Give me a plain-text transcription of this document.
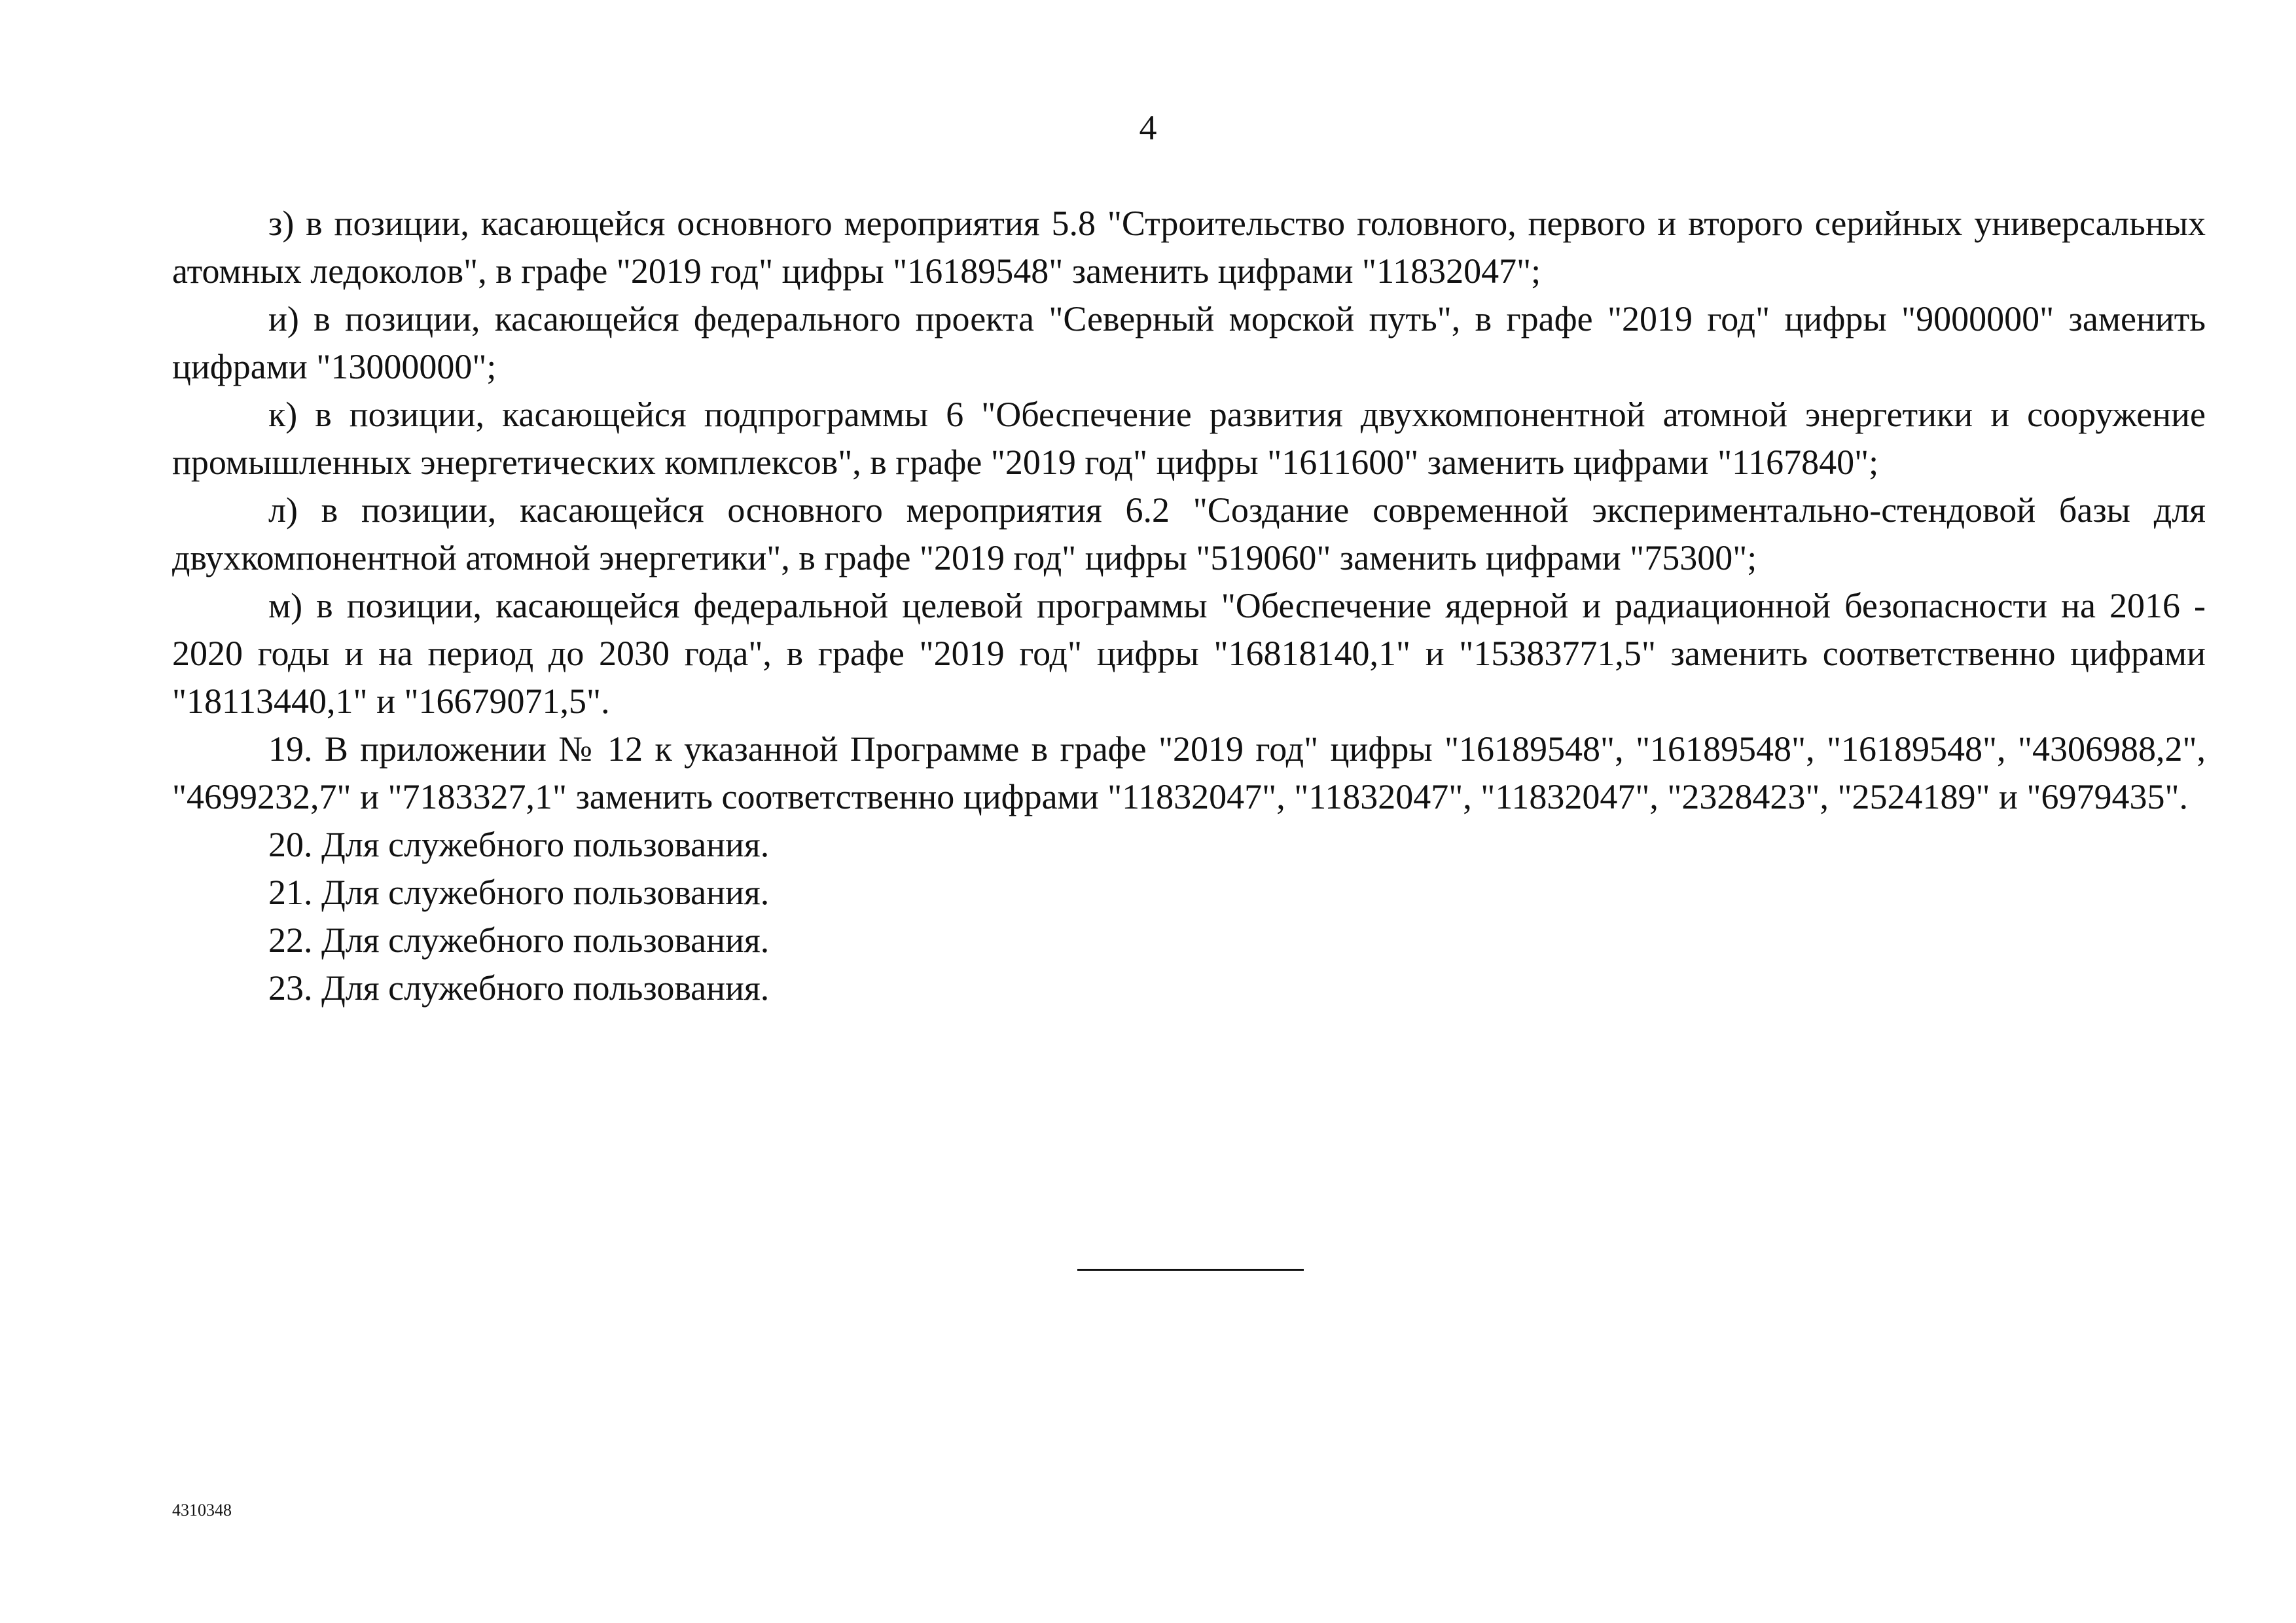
4

з) в позиции, касающейся основного мероприятия 5.8 "Строительство головного, первого и второго серийных универсальных атомных ледоколов", в графе "2019 год" цифры "16189548" заменить цифрами "11832047";

и) в позиции, касающейся федерального проекта "Северный морской путь", в графе "2019 год" цифры "9000000" заменить цифрами "13000000";

к) в позиции, касающейся подпрограммы 6 "Обеспечение развития двухкомпонентной атомной энергетики и сооружение промышленных энергетических комплексов", в графе "2019 год" цифры "1611600" заменить цифрами "1167840";

л) в позиции, касающейся основного мероприятия 6.2 "Создание современной экспериментально-стендовой базы для двухкомпонентной атомной энергетики", в графе "2019 год" цифры "519060" заменить цифрами "75300";

м) в позиции, касающейся федеральной целевой программы "Обеспечение ядерной и радиационной безопасности на 2016 - 2020 годы и на период до 2030 года", в графе "2019 год" цифры "16818140,1" и "15383771,5" заменить соответственно цифрами "18113440,1" и "16679071,5".

19. В приложении № 12 к указанной Программе в графе "2019 год" цифры "16189548", "16189548", "16189548", "4306988,2", "4699232,7" и "7183327,1" заменить соответственно цифрами "11832047", "11832047", "11832047", "2328423", "2524189" и "6979435".

20. Для служебного пользования.

21. Для служебного пользования.

22. Для служебного пользования.

23. Для служебного пользования.

4310348
